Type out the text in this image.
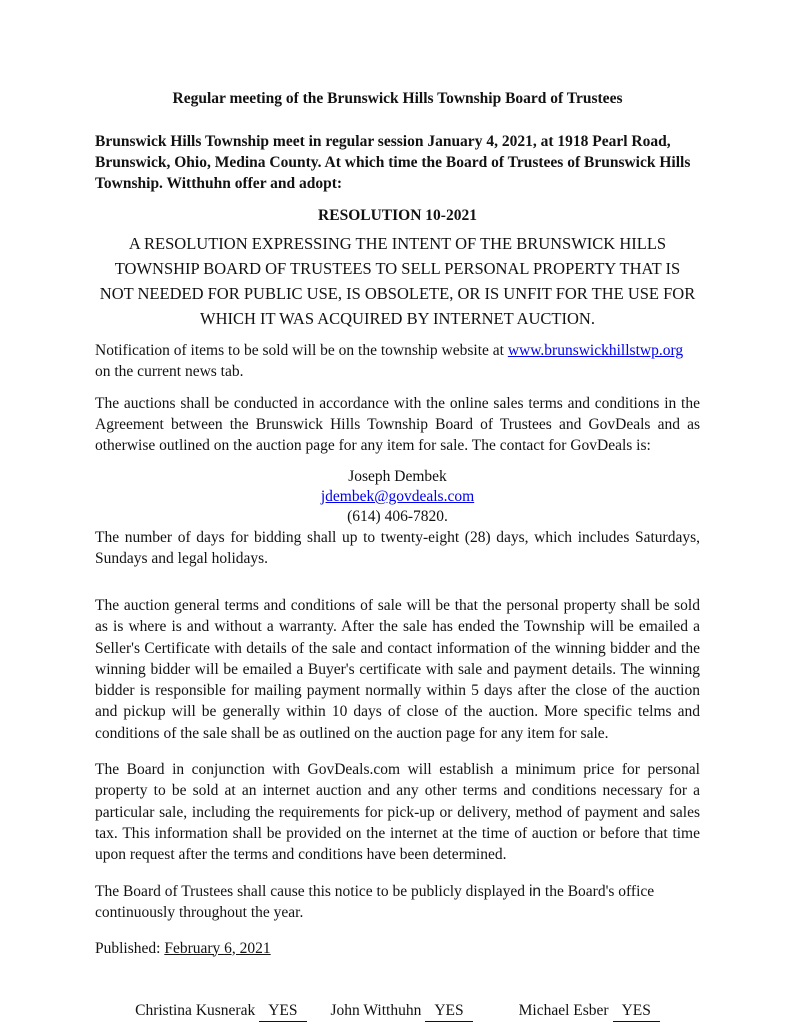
Regular meeting of the Brunswick Hills Township Board of Trustees

Brunswick Hills Township meet in regular session January 4, 2021, at 1918 Pearl Road, Brunswick, Ohio, Medina County. At which time the Board of Trustees of Brunswick Hills Township. Witthuhn offer and adopt:

RESOLUTION 10-2021
A RESOLUTION EXPRESSING THE INTENT OF THE BRUNSWICK HILLS TOWNSHIP BOARD OF TRUSTEES TO SELL PERSONAL PROPERTY THAT IS NOT NEEDED FOR PUBLIC USE, IS OBSOLETE, OR IS UNFIT FOR THE USE FOR WHICH IT WAS ACQUIRED BY INTERNET AUCTION.

Notification of items to be sold will be on the township website at www.brunswickhillstwp.org on the current news tab.

The auctions shall be conducted in accordance with the online sales terms and conditions in the Agreement between the Brunswick Hills Township Board of Trustees and GovDeals and as otherwise outlined on the auction page for any item for sale. The contact for GovDeals is:

Joseph Dembek
jdembek@govdeals.com
(614) 406-7820.

The number of days for bidding shall up to twenty-eight (28) days, which includes Saturdays, Sundays and legal holidays.

The auction general terms and conditions of sale will be that the personal property shall be sold as is where is and without a warranty. After the sale has ended the Township will be emailed a Seller's Certificate with details of the sale and contact information of the winning bidder and the winning bidder will be emailed a Buyer's certificate with sale and payment details. The winning bidder is responsible for mailing payment normally within 5 days after the close of the auction and pickup will be generally within 10 days of close of the auction. More specific telms and conditions of the sale shall be as outlined on the auction page for any item for sale.

The Board in conjunction with GovDeals.com will establish a minimum price for personal property to be sold at an internet auction and any other terms and conditions necessary for a particular sale, including the requirements for pick-up or delivery, method of payment and sales tax. This information shall be provided on the internet at the time of auction or before that time upon request after the terms and conditions have been determined.

The Board of Trustees shall cause this notice to be publicly displayed in the Board's office continuously throughout the year.

Published: February 6, 2021

Christina Kusnerak YES	John Witthuhn YES	Michael Esber YES
